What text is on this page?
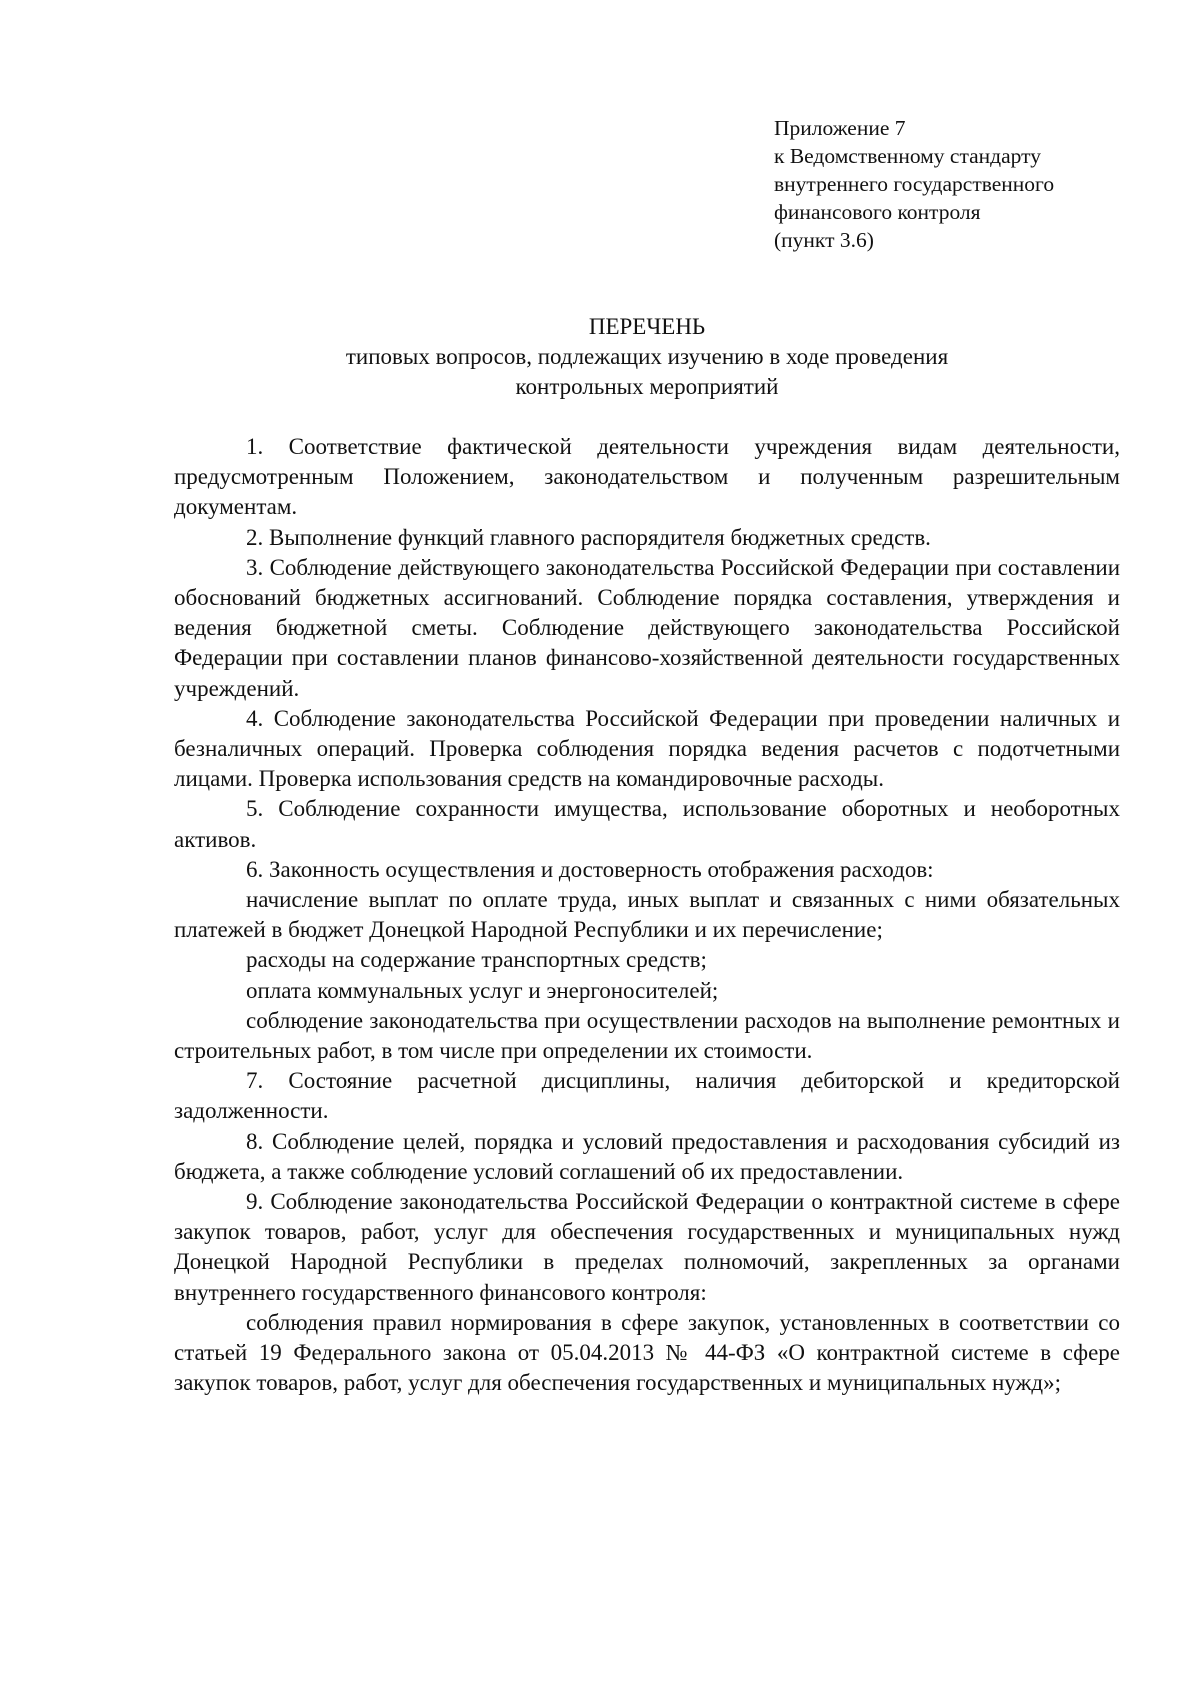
Приложение 7
к Ведомственному стандарту
внутреннего государственного
финансового контроля
(пункт 3.6)
ПЕРЕЧЕНЬ
типовых вопросов, подлежащих изучению в ходе проведения
контрольных мероприятий

1. Соответствие фактической деятельности учреждения видам деятельности, предусмотренным Положением, законодательством и полученным разрешительным документам.

2. Выполнение функций главного распорядителя бюджетных средств.

3. Соблюдение действующего законодательства Российской Федерации при составлении обоснований бюджетных ассигнований. Соблюдение порядка составления, утверждения и ведения бюджетной сметы. Соблюдение действующего законодательства Российской Федерации при составлении планов финансово-хозяйственной деятельности государственных учреждений.

4. Соблюдение законодательства Российской Федерации при проведении наличных и безналичных операций. Проверка соблюдения порядка ведения расчетов с подотчетными лицами. Проверка использования средств на командировочные расходы.

5. Соблюдение сохранности имущества, использование оборотных и необоротных активов.

6. Законность осуществления и достоверность отображения расходов:

начисление выплат по оплате труда, иных выплат и связанных с ними обязательных платежей в бюджет Донецкой Народной Республики и их перечисление;

расходы на содержание транспортных средств;

оплата коммунальных услуг и энергоносителей;

соблюдение законодательства при осуществлении расходов на выполнение ремонтных и строительных работ, в том числе при определении их стоимости.

7. Состояние расчетной дисциплины, наличия дебиторской и кредиторской задолженности.

8. Соблюдение целей, порядка и условий предоставления и расходования субсидий из бюджета, а также соблюдение условий соглашений об их предоставлении.

9. Соблюдение законодательства Российской Федерации о контрактной системе в сфере закупок товаров, работ, услуг для обеспечения государственных и муниципальных нужд Донецкой Народной Республики в пределах полномочий, закрепленных за органами внутреннего государственного финансового контроля:

соблюдения правил нормирования в сфере закупок, установленных в соответствии со статьей 19 Федерального закона от 05.04.2013 № 44-ФЗ «О контрактной системе в сфере закупок товаров, работ, услуг для обеспечения государственных и муниципальных нужд»;
